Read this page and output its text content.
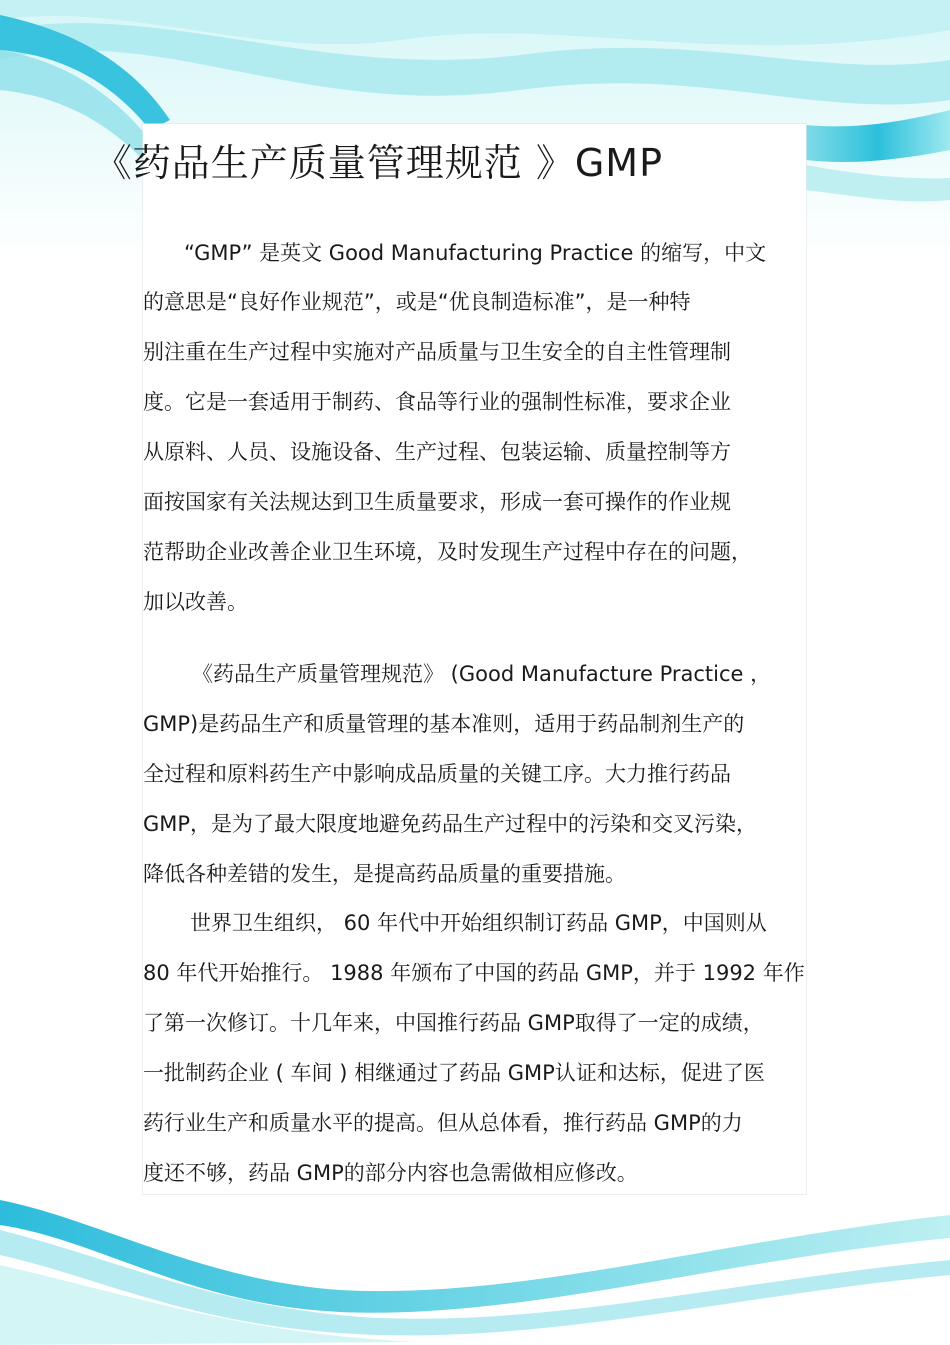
《药品生产质量管理规范 》GMP
“GMP” 是英文 Good Manufacturing Practice 的缩写，中文
的意思是“良好作业规范”，或是“优良制造标准”，是一种特
别注重在生产过程中实施对产品质量与卫生安全的自主性管理制
度。它是一套适用于制药、食品等行业的强制性标准，要求企业
从原料、人员、设施设备、生产过程、包装运输、质量控制等方
面按国家有关法规达到卫生质量要求，形成一套可操作的作业规
范帮助企业改善企业卫生环境，及时发现生产过程中存在的问题，
加以改善。
《药品生产质量管理规范》 (Good Manufacture Practice ，
GMP)是药品生产和质量管理的基本准则，适用于药品制剂生产的
全过程和原料药生产中影响成品质量的关键工序。大力推行药品
GMP，是为了最大限度地避免药品生产过程中的污染和交叉污染，
降低各种差错的发生，是提高药品质量的重要措施。
世界卫生组织， 60 年代中开始组织制订药品 GMP，中国则从
80 年代开始推行。 1988 年颁布了中国的药品 GMP，并于 1992 年作
了第一次修订。十几年来，中国推行药品 GMP取得了一定的成绩，
一批制药企业 ( 车间 ) 相继通过了药品 GMP认证和达标，促进了医
药行业生产和质量水平的提高。但从总体看，推行药品 GMP的力
度还不够，药品 GMP的部分内容也急需做相应修改。
